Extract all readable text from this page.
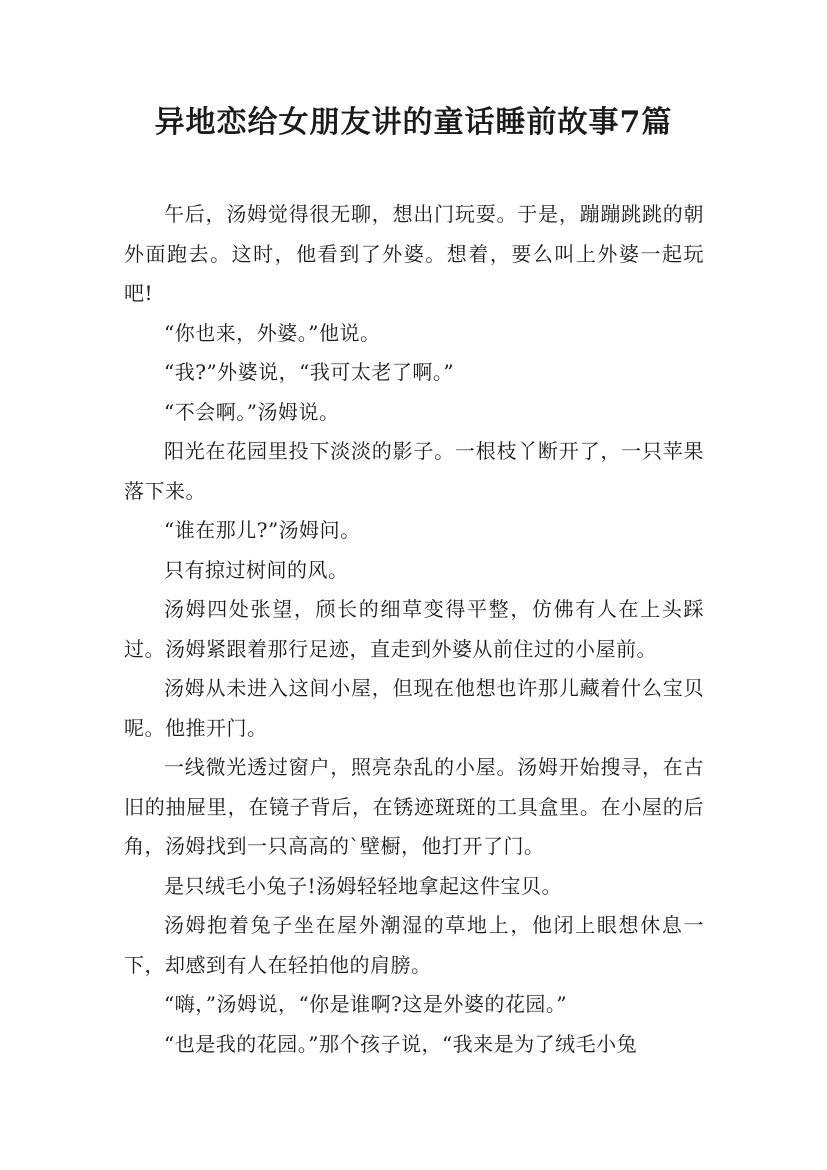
异地恋给女朋友讲的童话睡前故事7篇

午后，汤姆觉得很无聊，想出门玩耍。于是，蹦蹦跳跳的朝外面跑去。这时，他看到了外婆。想着，要么叫上外婆一起玩吧!

“你也来，外婆。”他说。

“我?”外婆说，“我可太老了啊。”

“不会啊。”汤姆说。

阳光在花园里投下淡淡的影子。一根枝丫断开了，一只苹果落下来。

“谁在那儿?”汤姆问。

只有掠过树间的风。

汤姆四处张望，颀长的细草变得平整，仿佛有人在上头踩过。汤姆紧跟着那行足迹，直走到外婆从前住过的小屋前。

汤姆从未进入这间小屋，但现在他想也许那儿藏着什么宝贝呢。他推开门。

一线微光透过窗户，照亮杂乱的小屋。汤姆开始搜寻，在古旧的抽屉里，在镜子背后，在锈迹斑斑的工具盒里。在小屋的后角，汤姆找到一只高高的`壁橱，他打开了门。

是只绒毛小兔子!汤姆轻轻地拿起这件宝贝。

汤姆抱着兔子坐在屋外潮湿的草地上，他闭上眼想休息一下，却感到有人在轻拍他的肩膀。

“嗨，”汤姆说，“你是谁啊?这是外婆的花园。”

“也是我的花园。”那个孩子说，“我来是为了绒毛小兔
